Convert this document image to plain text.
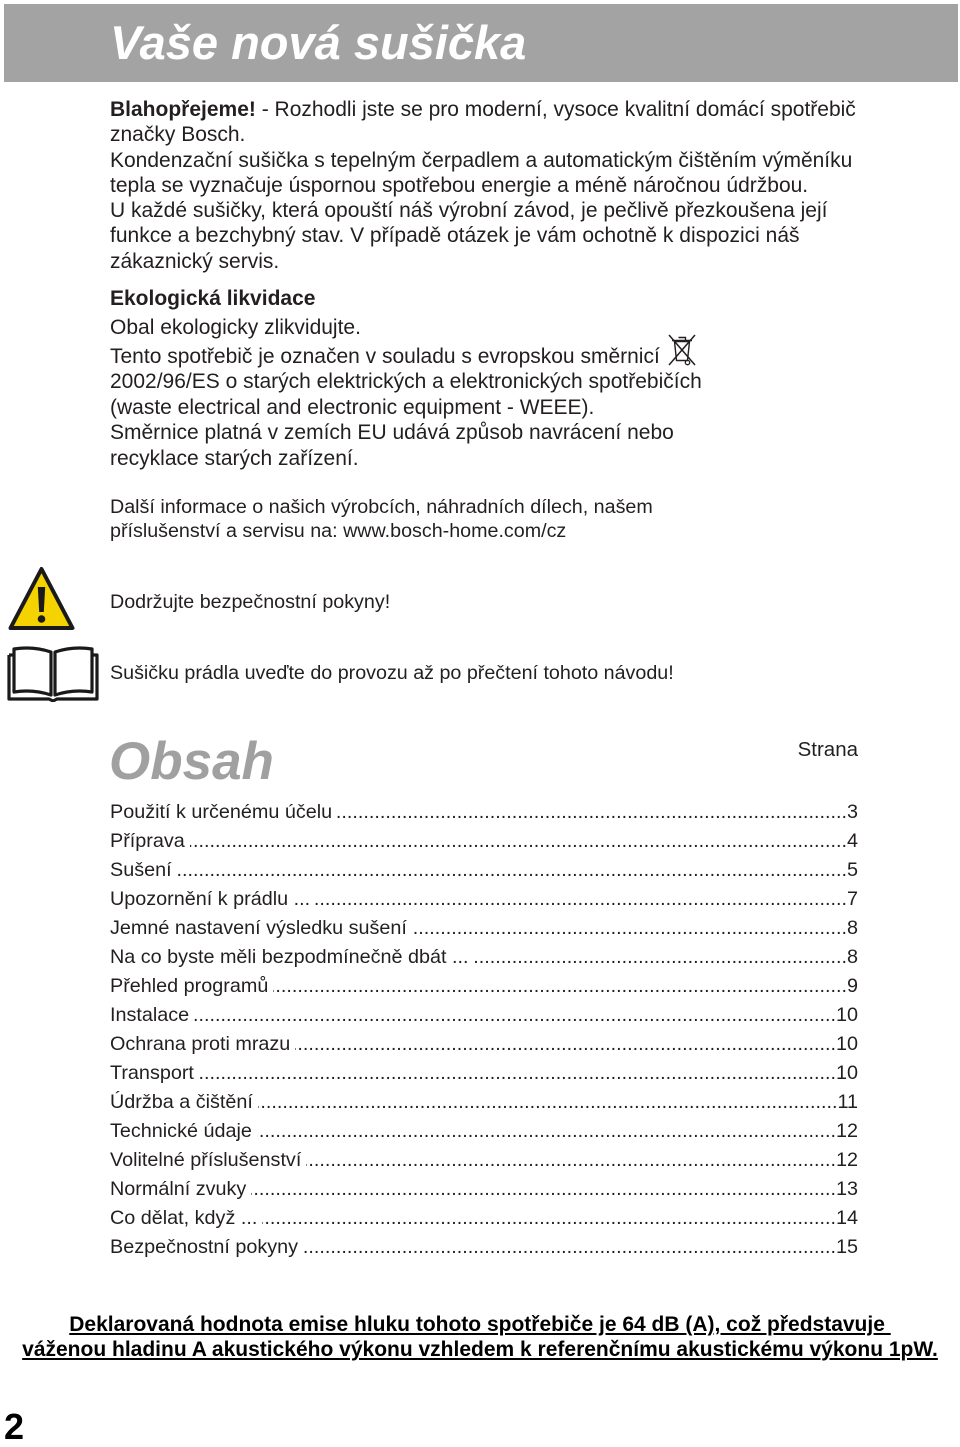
Vaše nová sušička
Blahopřejeme! - Rozhodli jste se pro moderní, vysoce kvalitní domácí spotřebič
značky Bosch.
Kondenzační sušička s tepelným čerpadlem a automatickým čištěním výměníku
tepla se vyznačuje úspornou spotřebou energie a méně náročnou údržbou.
U každé sušičky, která opouští náš výrobní závod, je pečlivě přezkoušena její
funkce a bezchybný stav. V případě otázek je vám ochotně k dispozici náš
zákaznický servis.
Ekologická likvidace
Obal ekologicky zlikvidujte.
Tento spotřebič je označen v souladu s evropskou směrnicí
2002/96/ES o starých elektrických a elektronických spotřebičích
(waste electrical and electronic equipment - WEEE).
Směrnice platná v zemích EU udává způsob navrácení nebo
recyklace starých zařízení.
Další informace o našich výrobcích, náhradních dílech, našem
příslušenství a servisu na: www.bosch-home.com/cz
Dodržujte bezpečnostní pokyny!
Sušičku prádla uveďte do provozu až po přečtení tohoto návodu!
Obsah	Strana
Použití k určenému účelu .....	3
Příprava .....	4
Sušení .....	5
Upozornění k prádlu ... .....	7
Jemné nastavení výsledku sušení .....	8
Na co byste měli bezpodmínečně dbát ... .....	8
Přehled programů .....	9
Instalace .....	10
Ochrana proti mrazu .....	10
Transport .....	10
Údržba a čištění .....	11
Technické údaje .....	12
Volitelné příslušenství .....	12
Normální zvuky .....	13
Co dělat, když ... .....	14
Bezpečnostní pokyny .....	15
Deklarovaná hodnota emise hluku tohoto spotřebiče je 64 dB (A), což představuje
váženou hladinu A akustického výkonu vzhledem k referenčnímu akustickému výkonu 1pW.
2
